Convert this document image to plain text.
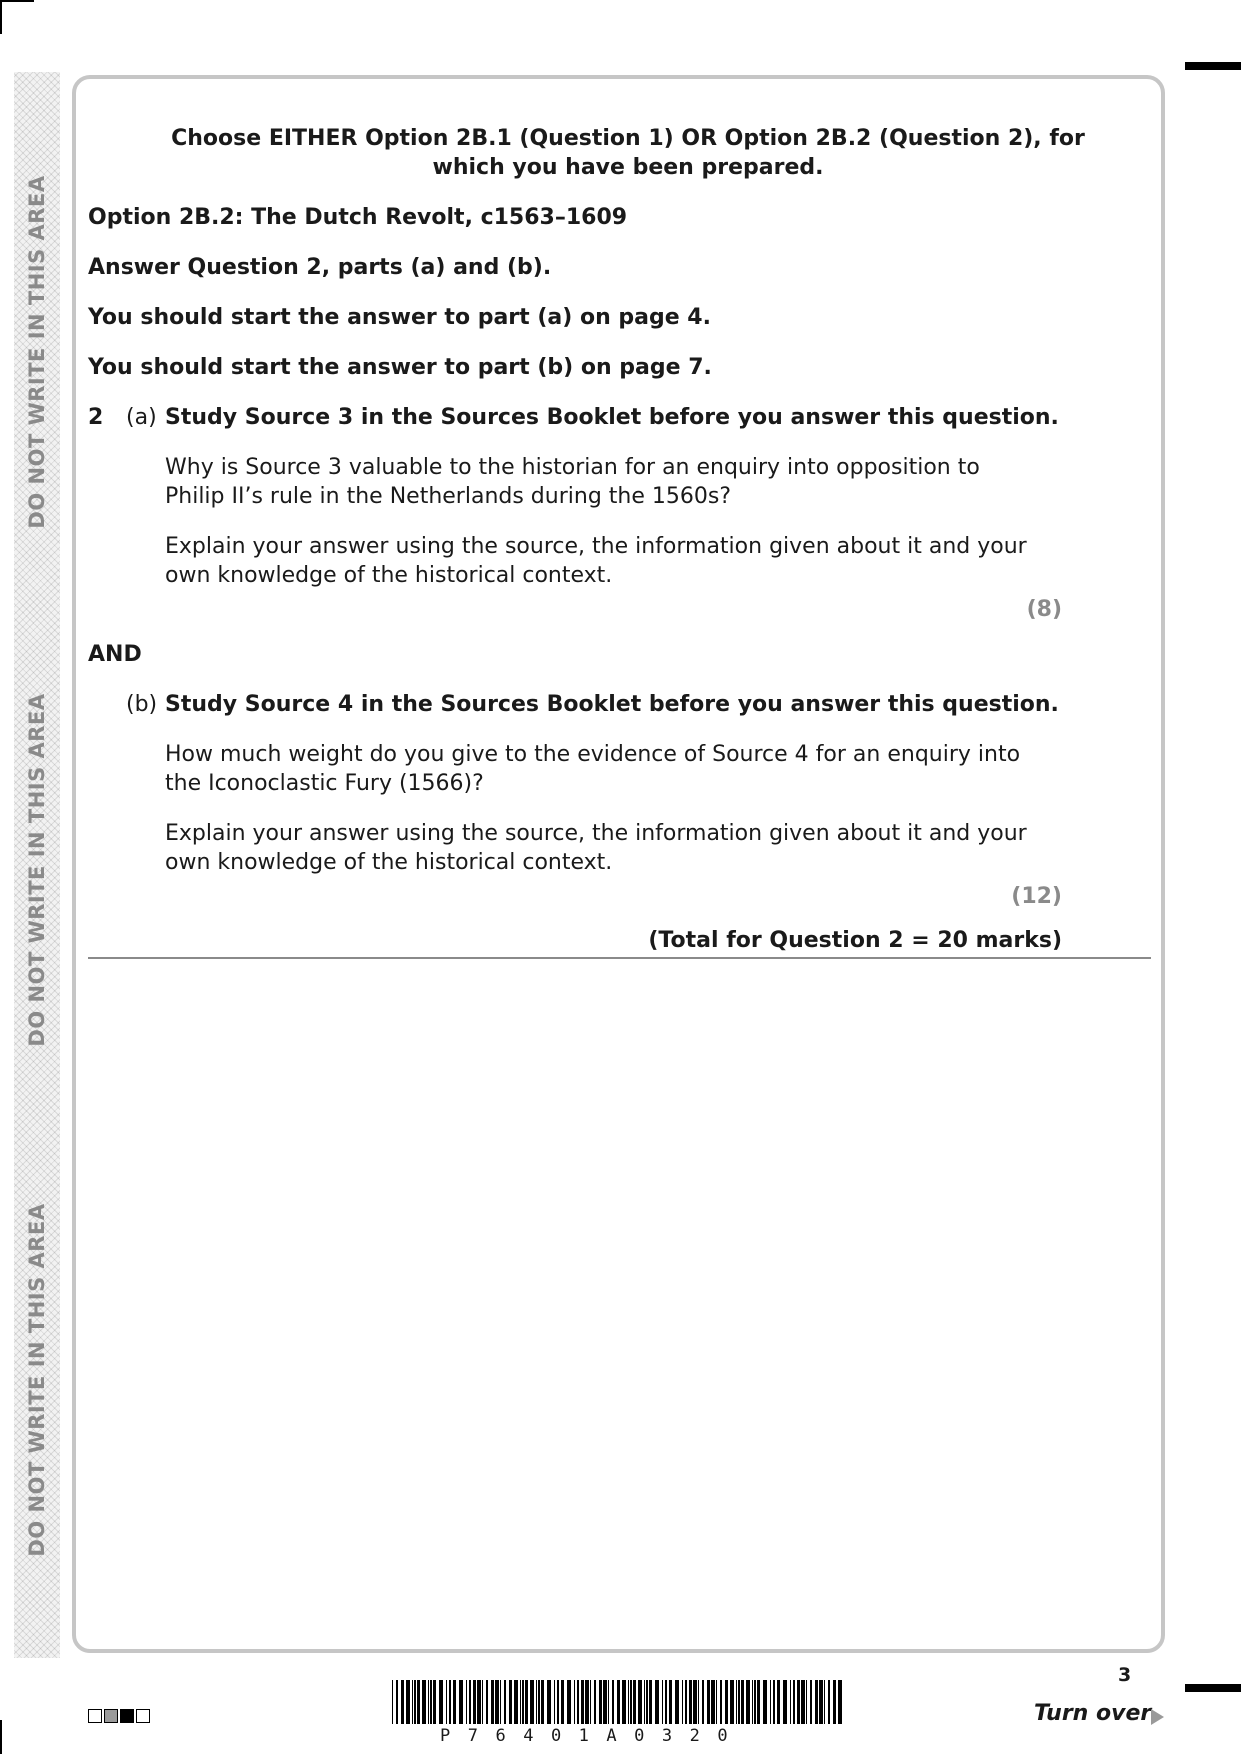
DO NOT WRITE IN THIS AREA
DO NOT WRITE IN THIS AREA
DO NOT WRITE IN THIS AREA
Choose EITHER Option 2B.1 (Question 1) OR Option 2B.2 (Question 2), for which you have been prepared.
Option 2B.2: The Dutch Revolt, c1563–1609
Answer Question 2, parts (a) and (b).
You should start the answer to part (a) on page 4.
You should start the answer to part (b) on page 7.
2 (a) Study Source 3 in the Sources Booklet before you answer this question.
Why is Source 3 valuable to the historian for an enquiry into opposition to Philip II’s rule in the Netherlands during the 1560s?
Explain your answer using the source, the information given about it and your own knowledge of the historical context.
(8)
AND
(b) Study Source 4 in the Sources Booklet before you answer this question.
How much weight do you give to the evidence of Source 4 for an enquiry into the Iconoclastic Fury (1566)?
Explain your answer using the source, the information given about it and your own knowledge of the historical context.
(12)
(Total for Question 2 = 20 marks)
P76401A0320
3
Turn over
